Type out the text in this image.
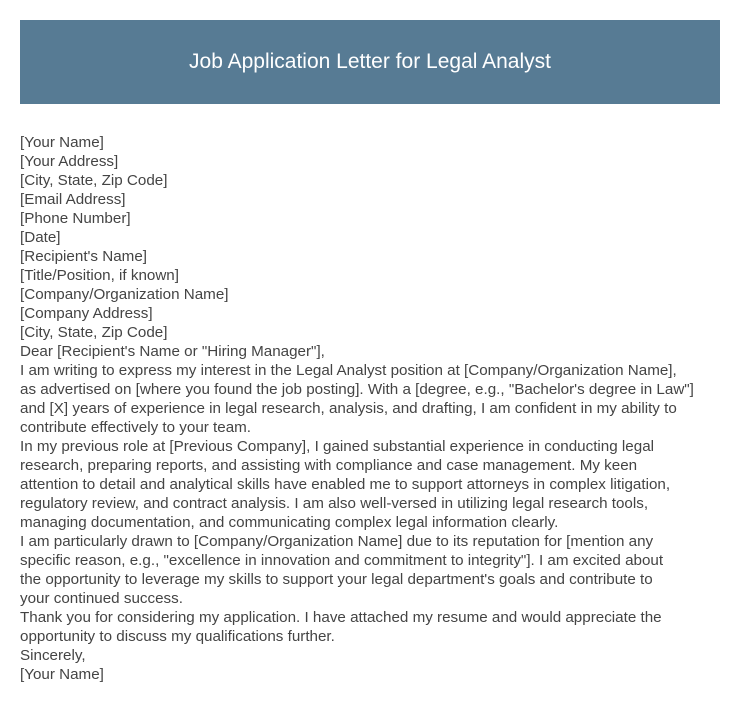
Job Application Letter for Legal Analyst
[Your Name]
[Your Address]
[City, State, Zip Code]
[Email Address]
[Phone Number]
[Date]
[Recipient's Name]
[Title/Position, if known]
[Company/Organization Name]
[Company Address]
[City, State, Zip Code]
Dear [Recipient's Name or "Hiring Manager"],
I am writing to express my interest in the Legal Analyst position at [Company/Organization Name],
as advertised on [where you found the job posting]. With a [degree, e.g., "Bachelor's degree in Law"]
and [X] years of experience in legal research, analysis, and drafting, I am confident in my ability to
contribute effectively to your team.
In my previous role at [Previous Company], I gained substantial experience in conducting legal
research, preparing reports, and assisting with compliance and case management. My keen
attention to detail and analytical skills have enabled me to support attorneys in complex litigation,
regulatory review, and contract analysis. I am also well-versed in utilizing legal research tools,
managing documentation, and communicating complex legal information clearly.
I am particularly drawn to [Company/Organization Name] due to its reputation for [mention any
specific reason, e.g., "excellence in innovation and commitment to integrity"]. I am excited about
the opportunity to leverage my skills to support your legal department's goals and contribute to
your continued success.
Thank you for considering my application. I have attached my resume and would appreciate the
opportunity to discuss my qualifications further.
Sincerely,
[Your Name]
